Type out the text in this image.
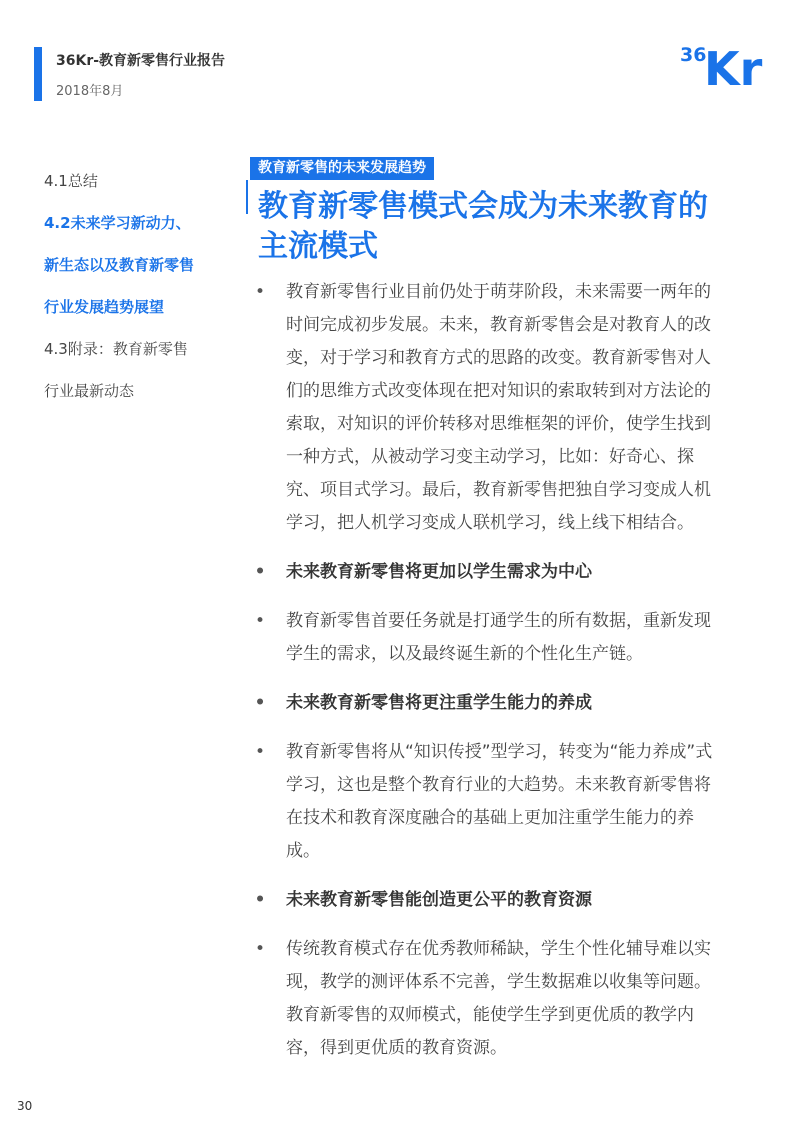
36Kr-教育新零售行业报告
2018年8月
36
Kr
4.1总结
4.2未来学习新动力、
新生态以及教育新零售
行业发展趋势展望
4.3附录：教育新零售
行业最新动态
教育新零售的未来发展趋势
教育新零售模式会成为未来教育的主流模式
• 教育新零售行业目前仍处于萌芽阶段，未来需要一两年的时间完成初步发展。未来，教育新零售会是对教育人的改变，对于学习和教育方式的思路的改变。教育新零售对人们的思维方式改变体现在把对知识的索取转到对方法论的索取，对知识的评价转移对思维框架的评价，使学生找到一种方式，从被动学习变主动学习，比如：好奇心、探究、项目式学习。最后，教育新零售把独自学习变成人机学习，把人机学习变成人联机学习，线上线下相结合。
• 未来教育新零售将更加以学生需求为中心
• 教育新零售首要任务就是打通学生的所有数据，重新发现学生的需求，以及最终诞生新的个性化生产链。
• 未来教育新零售将更注重学生能力的养成
• 教育新零售将从“知识传授”型学习，转变为“能力养成”式学习，这也是整个教育行业的大趋势。未来教育新零售将在技术和教育深度融合的基础上更加注重学生能力的养成。
• 未来教育新零售能创造更公平的教育资源
• 传统教育模式存在优秀教师稀缺，学生个性化辅导难以实现，教学的测评体系不完善，学生数据难以收集等问题。教育新零售的双师模式，能使学生学到更优质的教学内容，得到更优质的教育资源。
30
